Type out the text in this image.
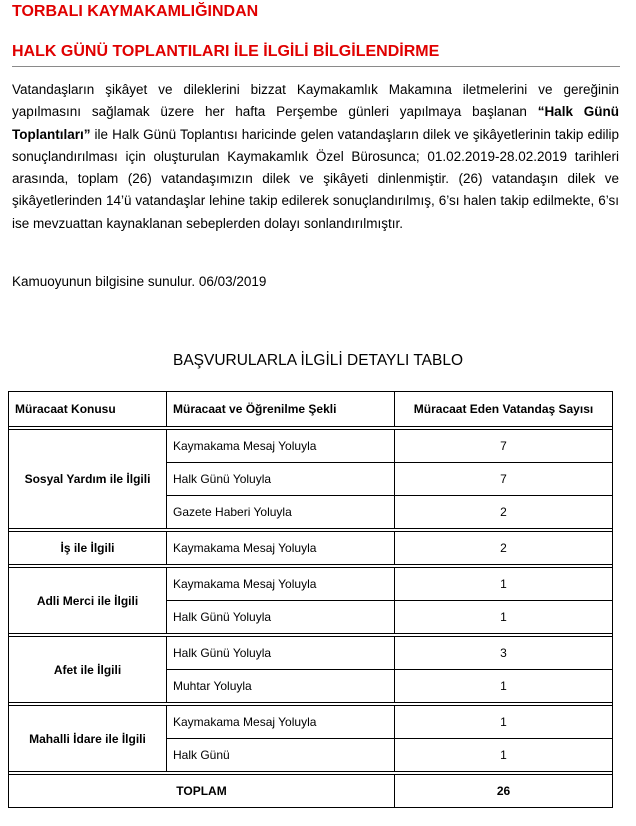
TORBALI KAYMAKAMLIĞINDAN
HALK GÜNÜ TOPLANTILARI İLE İLGİLİ BİLGİLENDİRME
Vatandaşların şikâyet ve dileklerini bizzat Kaymakamlık Makamına iletmelerini ve gereğinin yapılmasını sağlamak üzere her hafta Perşembe günleri yapılmaya başlanan “Halk Günü Toplantıları” ile Halk Günü Toplantısı haricinde gelen vatandaşların dilek ve şikâyetlerinin takip edilip sonuçlandırılması için oluşturulan Kaymakamlık Özel Bürosunca; 01.02.2019-28.02.2019 tarihleri arasında, toplam (26) vatandaşımızın dilek ve şikâyeti dinlenmiştir. (26) vatandaşın dilek ve şikâyetlerinden 14’ü vatandaşlar lehine takip edilerek sonuçlandırılmış, 6’sı halen takip edilmekte, 6’sı ise mevzuattan kaynaklanan sebeplerden dolayı sonlandırılmıştır.
Kamuoyunun bilgisine sunulur. 06/03/2019
BAŞVURULARLA İLGİLİ DETAYLI TABLO
Müracaat Konusu	Müracaat ve Öğrenilme Şekli	Müracaat Eden Vatandaş Sayısı

Sosyal Yardım ile İlgili	Kaymakama Mesaj Yoluyla	7
	Halk Günü Yoluyla	7
	Gazete Haberi Yoluyla	2

İş ile İlgili	Kaymakama Mesaj Yoluyla	2

Adli Merci ile İlgili	Kaymakama Mesaj Yoluyla	1
	Halk Günü Yoluyla	1

Afet ile İlgili	Halk Günü Yoluyla	3
	Muhtar Yoluyla	1

Mahalli İdare ile İlgili	Kaymakama Mesaj Yoluyla	1
	Halk Günü	1

TOPLAM		26
